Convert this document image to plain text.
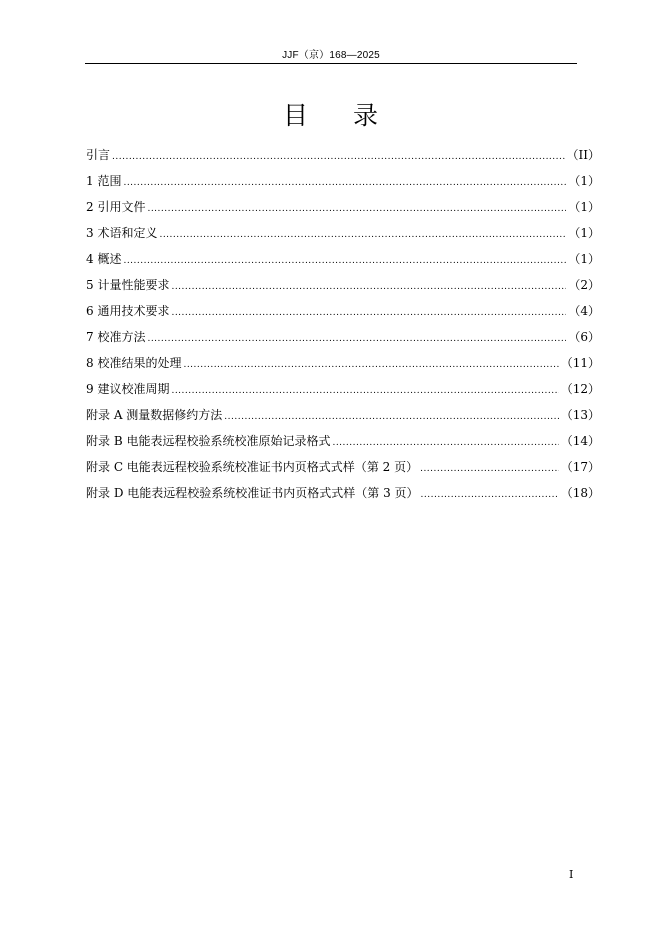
JJF（京）168—2025
目 录
引言 .....	（II）
1 范围 .....	（1）
2 引用文件 .....	（1）
3 术语和定义 .....	（1）
4 概述 .....	（1）
5 计量性能要求 .....	（2）
6 通用技术要求 .....	（4）
7 校准方法 .....	（6）
8 校准结果的处理 .....	（11）
9 建议校准周期 .....	（12）
附录 A 测量数据修约方法 .....	（13）
附录 B 电能表远程校验系统校准原始记录格式 .....	（14）
附录 C 电能表远程校验系统校准证书内页格式式样（第 2 页） .....	（17）
附录 D 电能表远程校验系统校准证书内页格式式样（第 3 页） .....	（18）
I
